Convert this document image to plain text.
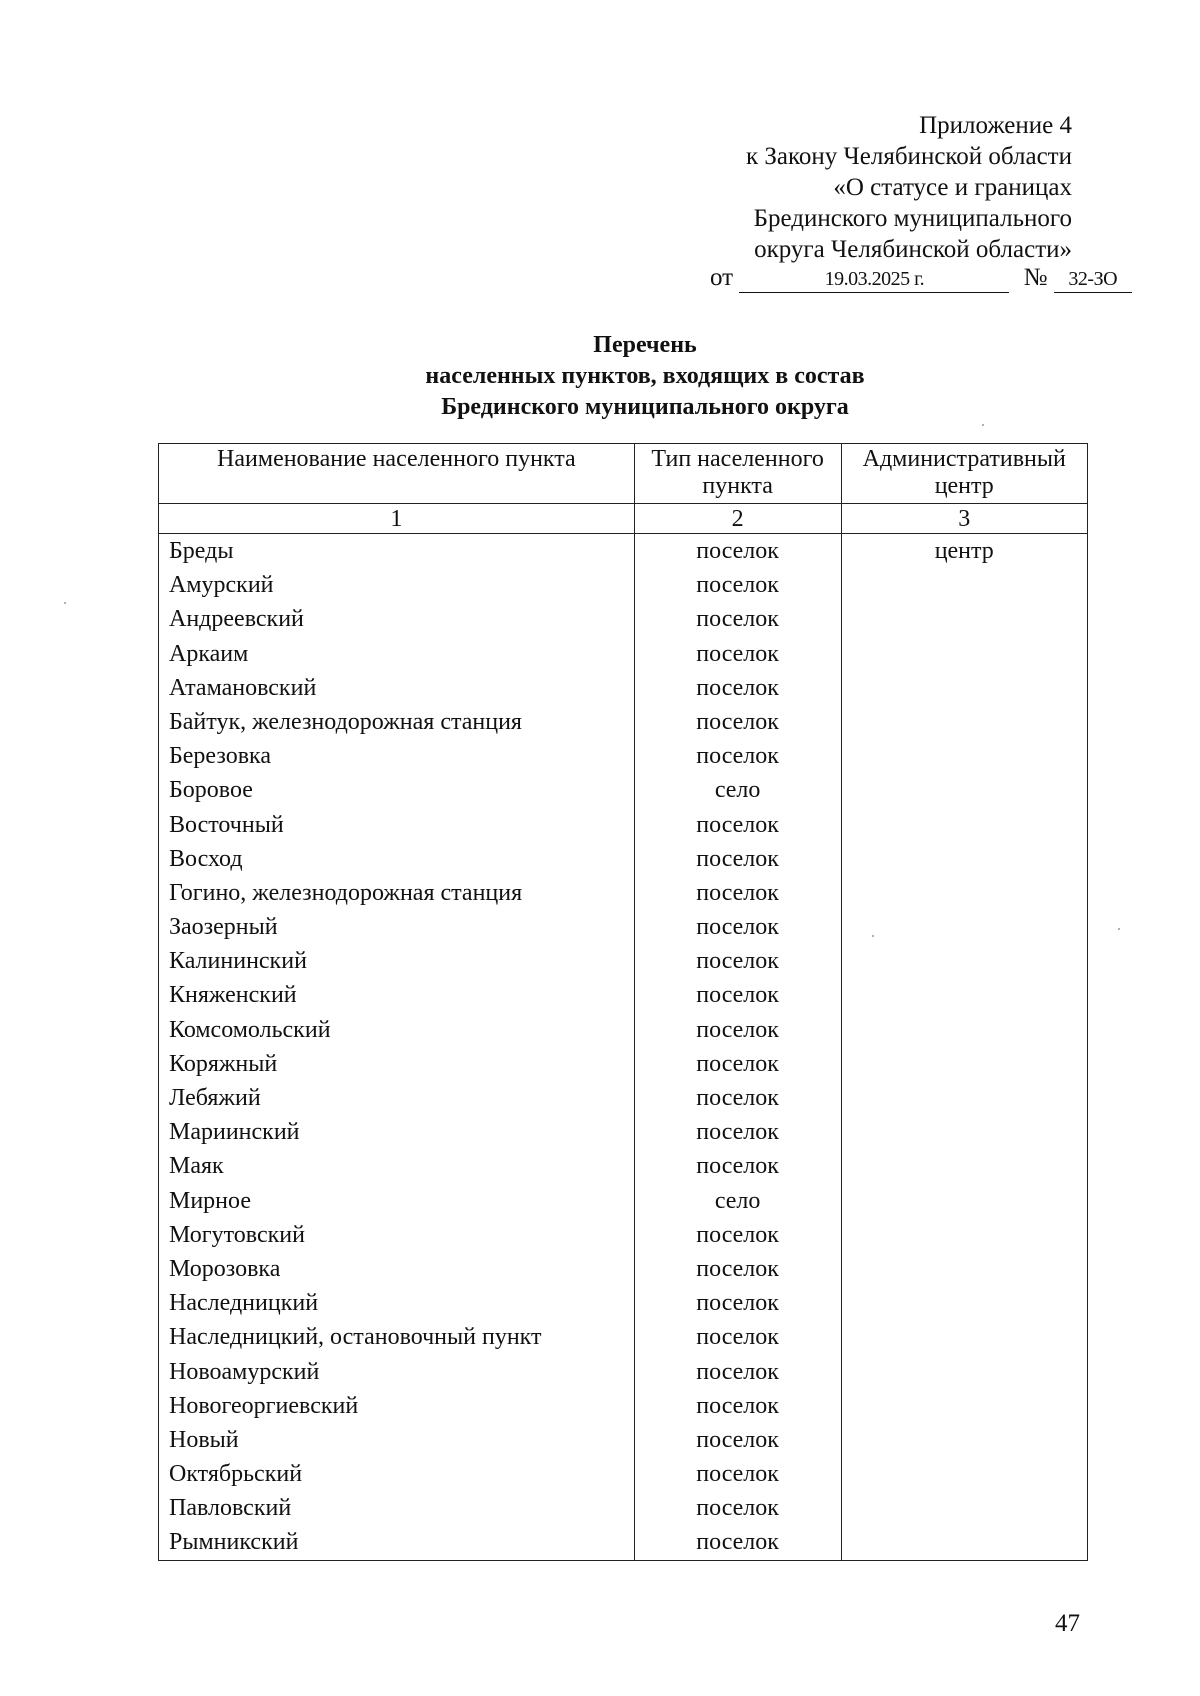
Приложение 4
к Закону Челябинской области
«О статусе и границах
Брединского муниципального
округа Челябинской области»
от	19.03.2025 г.	№ 32-ЗО
Перечень
населенных пунктов, входящих в состав
Брединского муниципального округа
Наименование населенного пункта	Тип населенного пункта	Административный центр
1	2	3
Бреды	поселок	центр
Амурский	поселок	
Андреевский	поселок	
Аркаим	поселок	
Атамановский	поселок	
Байтук, железнодорожная станция	поселок	
Березовка	поселок	
Боровое	село	
Восточный	поселок	
Восход	поселок	
Гогино, железнодорожная станция	поселок	
Заозерный	поселок	
Калининский	поселок	
Княженский	поселок	
Комсомольский	поселок	
Коряжный	поселок	
Лебяжий	поселок	
Мариинский	поселок	
Маяк	поселок	
Мирное	село	
Могутовский	поселок	
Морозовка	поселок	
Наследницкий	поселок	
Наследницкий, остановочный пункт	поселок	
Новоамурский	поселок	
Новогеоргиевский	поселок	
Новый	поселок	
Октябрьский	поселок	
Павловский	поселок	
Рымникский	поселок	
47
